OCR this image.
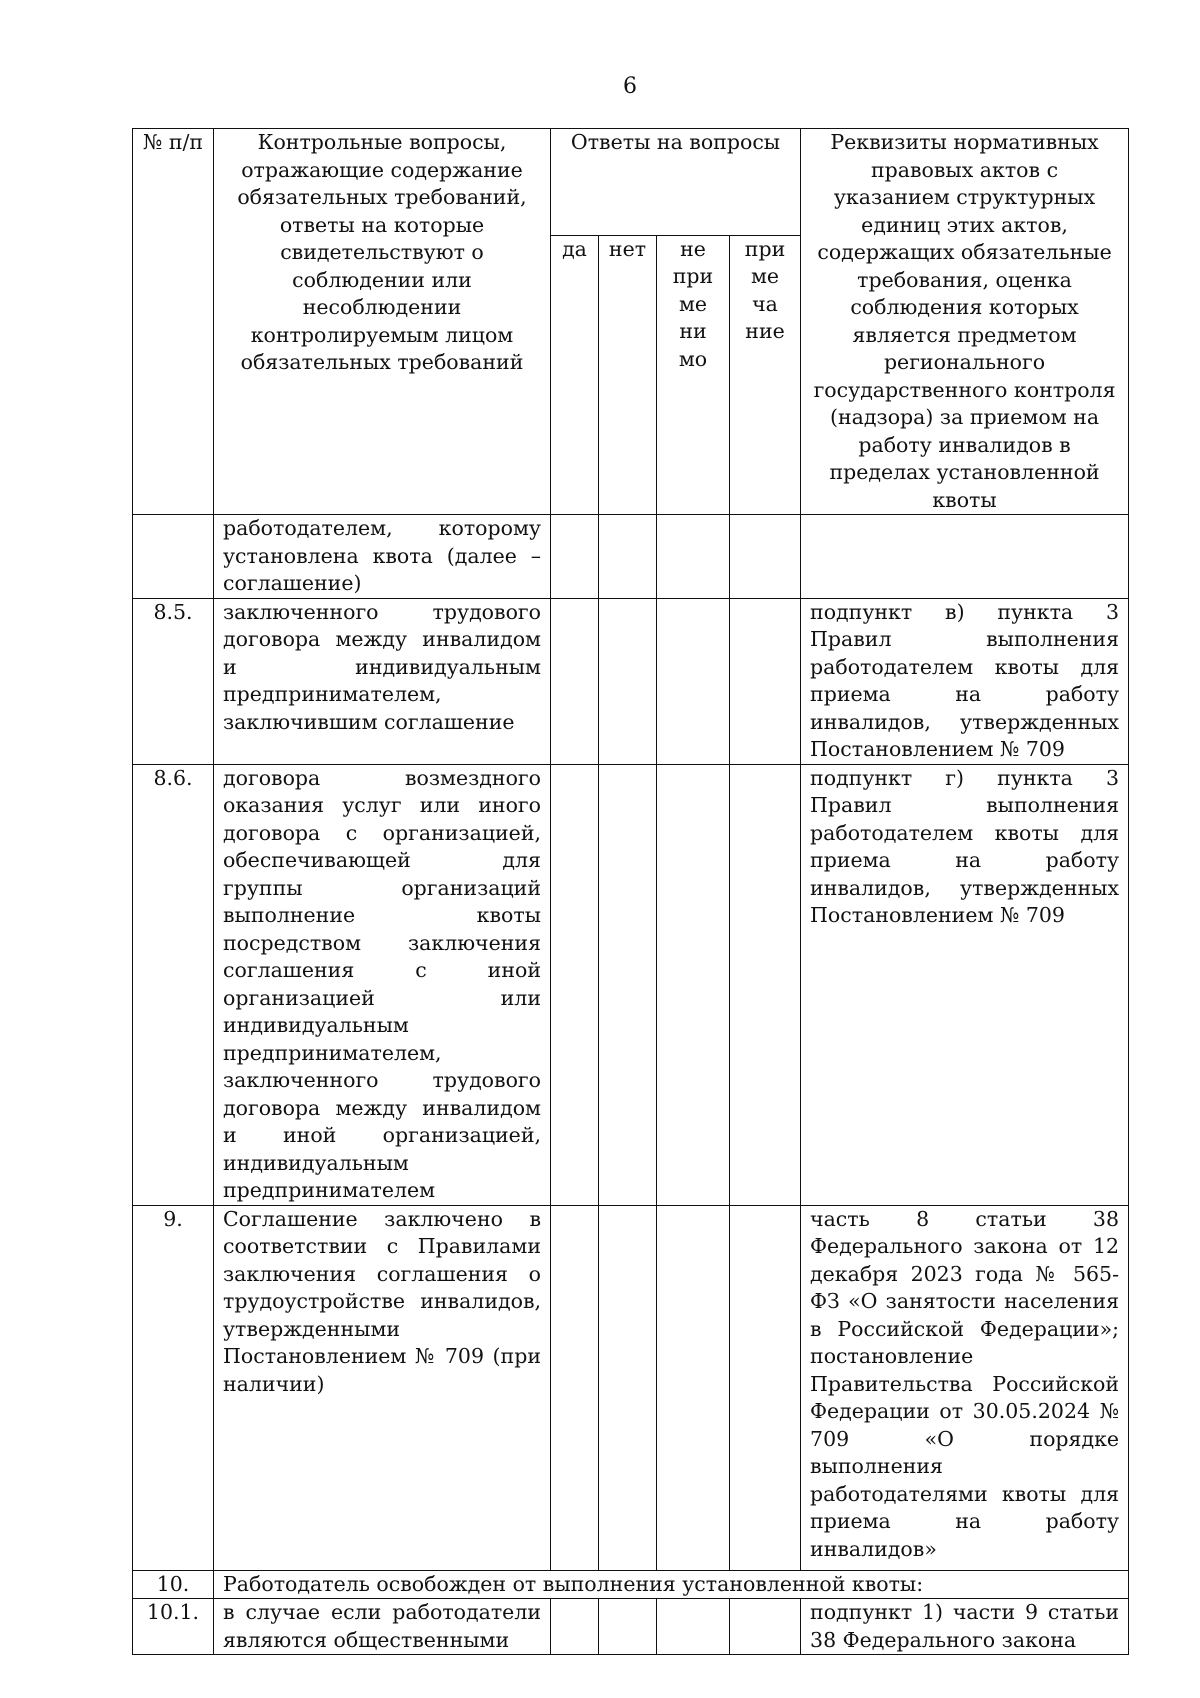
6
№ п/п	Контрольные вопросы, отражающие содержание обязательных требований, ответы на которые свидетельствуют о соблюдении или несоблюдении контролируемым лицом обязательных требований	Ответы на вопросы				Реквизиты нормативных правовых актов с указанием структурных единиц этих актов, содержащих обязательные требования, оценка соблюдения которых является предметом регионального государственного контроля (надзора) за приемом на работу инвалидов в пределах установленной квоты
		да	нет	не при ме ни мо	при ме ча ние	
	работодателем, которому установлена квота (далее – соглашение)					
8.5.	заключенного трудового договора между инвалидом и индивидуальным предпринимателем, заключившим соглашение					подпункт в) пункта 3 Правил выполнения работодателем квоты для приема на работу инвалидов, утвержденных Постановлением № 709
8.6.	договора возмездного оказания услуг или иного договора с организацией, обеспечивающей для группы организаций выполнение квоты посредством заключения соглашения с иной организацией или индивидуальным предпринимателем, заключенного трудового договора между инвалидом и иной организацией, индивидуальным предпринимателем					подпункт г) пункта 3 Правил выполнения работодателем квоты для приема на работу инвалидов, утвержденных Постановлением № 709
9.	Соглашение заключено в соответствии с Правилами заключения соглашения о трудоустройстве инвалидов, утвержденными Постановлением № 709 (при наличии)					часть 8 статьи 38 Федерального закона от 12 декабря 2023 года № 565-ФЗ «О занятости населения в Российской Федерации»; постановление Правительства Российской Федерации от 30.05.2024 № 709 «О порядке выполнения работодателями квоты для приема на работу инвалидов»
10.	Работодатель освобожден от выполнения установленной квоты:					
10.1.	в случае если работодатели являются общественными					подпункт 1) части 9 статьи 38 Федерального закона
